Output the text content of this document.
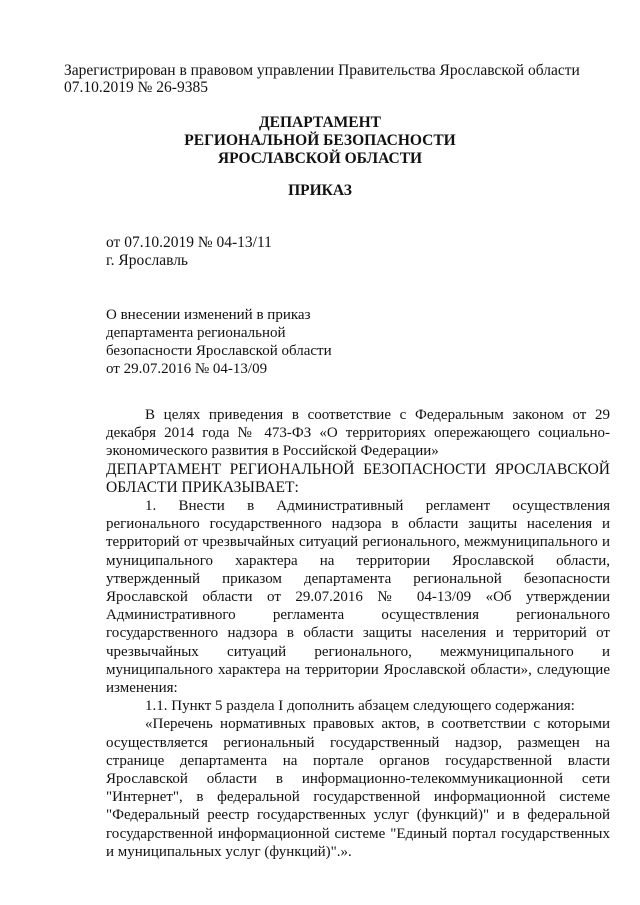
Зарегистрирован в правовом управлении Правительства Ярославской области
07.10.2019 № 26-9385
ДЕПАРТАМЕНТ
РЕГИОНАЛЬНОЙ БЕЗОПАСНОСТИ
ЯРОСЛАВСКОЙ ОБЛАСТИ
ПРИКАЗ
от 07.10.2019 № 04-13/11
г. Ярославль
О внесении изменений в приказ
департамента региональной
безопасности Ярославской области
от 29.07.2016 № 04-13/09

В целях приведения в соответствие с Федеральным законом от 29 декабря 2014 года № 473-ФЗ «О территориях опережающего социально-экономического развития в Российской Федерации»

ДЕПАРТАМЕНТ РЕГИОНАЛЬНОЙ БЕЗОПАСНОСТИ ЯРОСЛАВСКОЙ ОБЛАСТИ ПРИКАЗЫВАЕТ:

1. Внести в Административный регламент осуществления регионального государственного надзора в области защиты населения и территорий от чрезвычайных ситуаций регионального, межмуниципального и муниципального характера на территории Ярославской области, утвержденный приказом департамента региональной безопасности Ярославской области от 29.07.2016 № 04-13/09 «Об утверждении Административного регламента осуществления регионального государственного надзора в области защиты населения и территорий от чрезвычайных ситуаций регионального, межмуниципального и муниципального характера на территории Ярославской области», следующие изменения:

1.1. Пункт 5 раздела I дополнить абзацем следующего содержания:

«Перечень нормативных правовых актов, в соответствии с которыми осуществляется региональный государственный надзор, размещен на странице департамента на портале органов государственной власти Ярославской области в информационно-телекоммуникационной сети "Интернет", в федеральной государственной информационной системе "Федеральный реестр государственных услуг (функций)" и в федеральной государственной информационной системе "Единый портал государственных и муниципальных услуг (функций)".».
